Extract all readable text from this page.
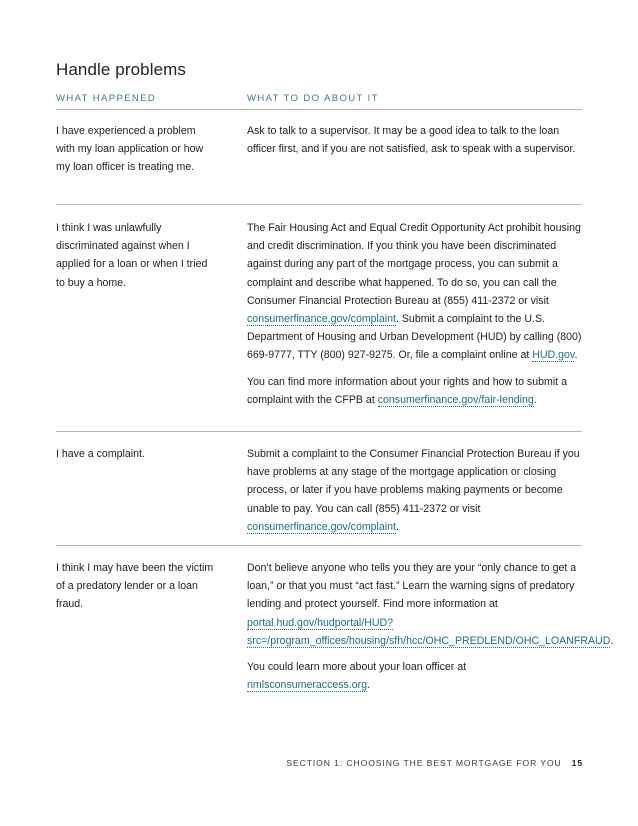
Handle problems
WHAT HAPPENED	WHAT TO DO ABOUT IT
I have experienced a problem with my loan application or how my loan officer is treating me.

Ask to talk to a supervisor. It may be a good idea to talk to the loan officer first, and if you are not satisfied, ask to speak with a supervisor.

I think I was unlawfully discriminated against when I applied for a loan or when I tried to buy a home.

The Fair Housing Act and Equal Credit Opportunity Act prohibit housing and credit discrimination. If you think you have been discriminated against during any part of the mortgage process, you can submit a complaint and describe what happened. To do so, you can call the Consumer Financial Protection Bureau at (855) 411-2372 or visit consumerfinance.gov/complaint. Submit a complaint to the U.S. Department of Housing and Urban Development (HUD) by calling (800) 669-9777, TTY (800) 927-9275. Or, file a complaint online at HUD.gov.

You can find more information about your rights and how to submit a complaint with the CFPB at consumerfinance.gov/fair-lending.

I have a complaint.	Submit a complaint to the Consumer Financial Protection Bureau if you have problems at any stage of the mortgage application or closing process, or later if you have problems making payments or become unable to pay. You can call (855) 411-2372 or visit consumerfinance.gov/complaint.

I think I may have been the victim of a predatory lender or a loan fraud.

Don’t believe anyone who tells you they are your “only chance to get a loan,” or that you must “act fast.” Learn the warning signs of predatory lending and protect yourself. Find more information at portal.hud.gov/hudportal/HUD?src=/program_offices/housing/sfh/hcc/OHC_PREDLEND/OHC_LOANFRAUD.

You could learn more about your loan officer at nmlsconsumeraccess.org.

SECTION 1: CHOOSING THE BEST MORTGAGE FOR YOU 15
